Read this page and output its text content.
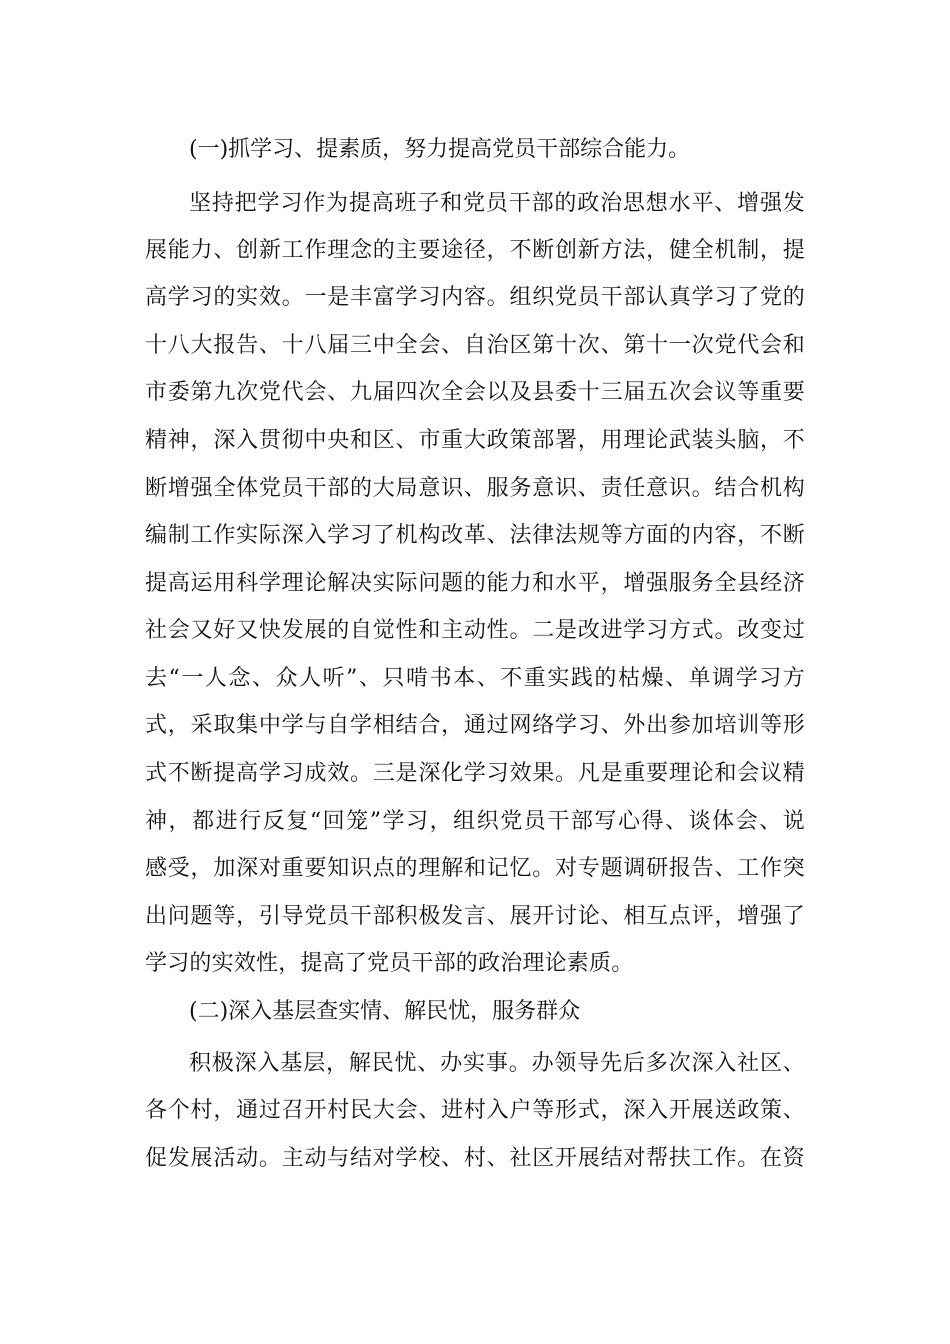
(一)抓学习、提素质，努力提高党员干部综合能力。
坚持把学习作为提高班子和党员干部的政治思想水平、增强发
展能力、创新工作理念的主要途径，不断创新方法，健全机制，提
高学习的实效。一是丰富学习内容。组织党员干部认真学习了党的
十八大报告、十八届三中全会、自治区第十次、第十一次党代会和
市委第九次党代会、九届四次全会以及县委十三届五次会议等重要
精神，深入贯彻中央和区、市重大政策部署，用理论武装头脑，不
断增强全体党员干部的大局意识、服务意识、责任意识。结合机构
编制工作实际深入学习了机构改革、法律法规等方面的内容，不断
提高运用科学理论解决实际问题的能力和水平，增强服务全县经济
社会又好又快发展的自觉性和主动性。二是改进学习方式。改变过
去“一人念、众人听”、只啃书本、不重实践的枯燥、单调学习方
式，采取集中学与自学相结合，通过网络学习、外出参加培训等形
式不断提高学习成效。三是深化学习效果。凡是重要理论和会议精
神，都进行反复“回笼”学习，组织党员干部写心得、谈体会、说
感受，加深对重要知识点的理解和记忆。对专题调研报告、工作突
出问题等，引导党员干部积极发言、展开讨论、相互点评，增强了
学习的实效性，提高了党员干部的政治理论素质。
(二)深入基层查实情、解民忧，服务群众
积极深入基层，解民忧、办实事。办领导先后多次深入社区、
各个村，通过召开村民大会、进村入户等形式，深入开展送政策、
促发展活动。主动与结对学校、村、社区开展结对帮扶工作。在资
